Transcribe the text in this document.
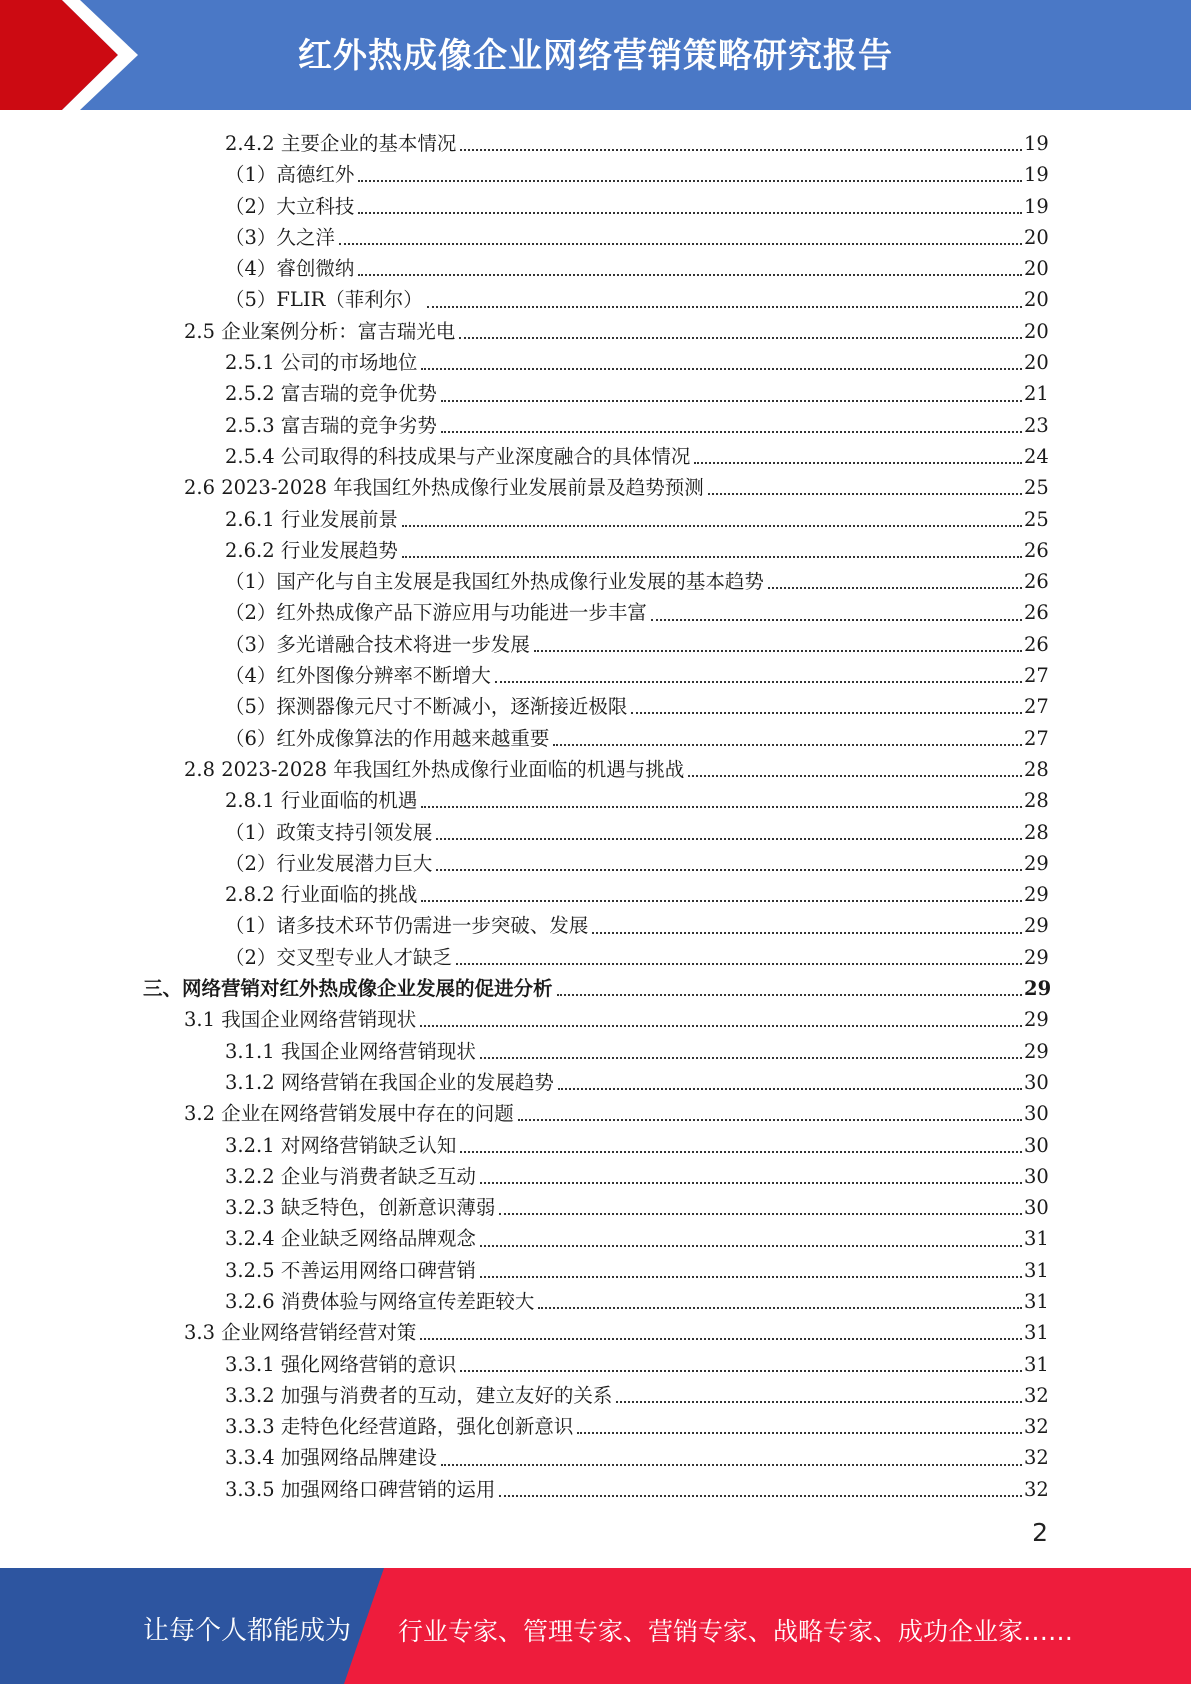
红外热成像企业网络营销策略研究报告
2.4.2 主要企业的基本情况	19
（1）高德红外	19
（2）大立科技	19
（3）久之洋	20
（4）睿创微纳	20
（5）FLIR（菲利尔）	20
2.5 企业案例分析：富吉瑞光电	20
2.5.1 公司的市场地位	20
2.5.2 富吉瑞的竞争优势	21
2.5.3 富吉瑞的竞争劣势	23
2.5.4 公司取得的科技成果与产业深度融合的具体情况	24
2.6 2023-2028 年我国红外热成像行业发展前景及趋势预测	25
2.6.1 行业发展前景	25
2.6.2 行业发展趋势	26
（1）国产化与自主发展是我国红外热成像行业发展的基本趋势	26
（2）红外热成像产品下游应用与功能进一步丰富	26
（3）多光谱融合技术将进一步发展	26
（4）红外图像分辨率不断增大	27
（5）探测器像元尺寸不断减小，逐渐接近极限	27
（6）红外成像算法的作用越来越重要	27
2.8 2023-2028 年我国红外热成像行业面临的机遇与挑战	28
2.8.1 行业面临的机遇	28
（1）政策支持引领发展	28
（2）行业发展潜力巨大	29
2.8.2 行业面临的挑战	29
（1）诸多技术环节仍需进一步突破、发展	29
（2）交叉型专业人才缺乏	29
三、网络营销对红外热成像企业发展的促进分析	29
3.1 我国企业网络营销现状	29
3.1.1 我国企业网络营销现状	29
3.1.2 网络营销在我国企业的发展趋势	30
3.2 企业在网络营销发展中存在的问题	30
3.2.1 对网络营销缺乏认知	30
3.2.2 企业与消费者缺乏互动	30
3.2.3 缺乏特色，创新意识薄弱	30
3.2.4 企业缺乏网络品牌观念	31
3.2.5 不善运用网络口碑营销	31
3.2.6 消费体验与网络宣传差距较大	31
3.3 企业网络营销经营对策	31
3.3.1 强化网络营销的意识	31
3.3.2 加强与消费者的互动，建立友好的关系	32
3.3.3 走特色化经营道路，强化创新意识	32
3.3.4 加强网络品牌建设	32
3.3.5 加强网络口碑营销的运用	32
2
让每个人都能成为 行业专家、管理专家、营销专家、战略专家、成功企业家……
